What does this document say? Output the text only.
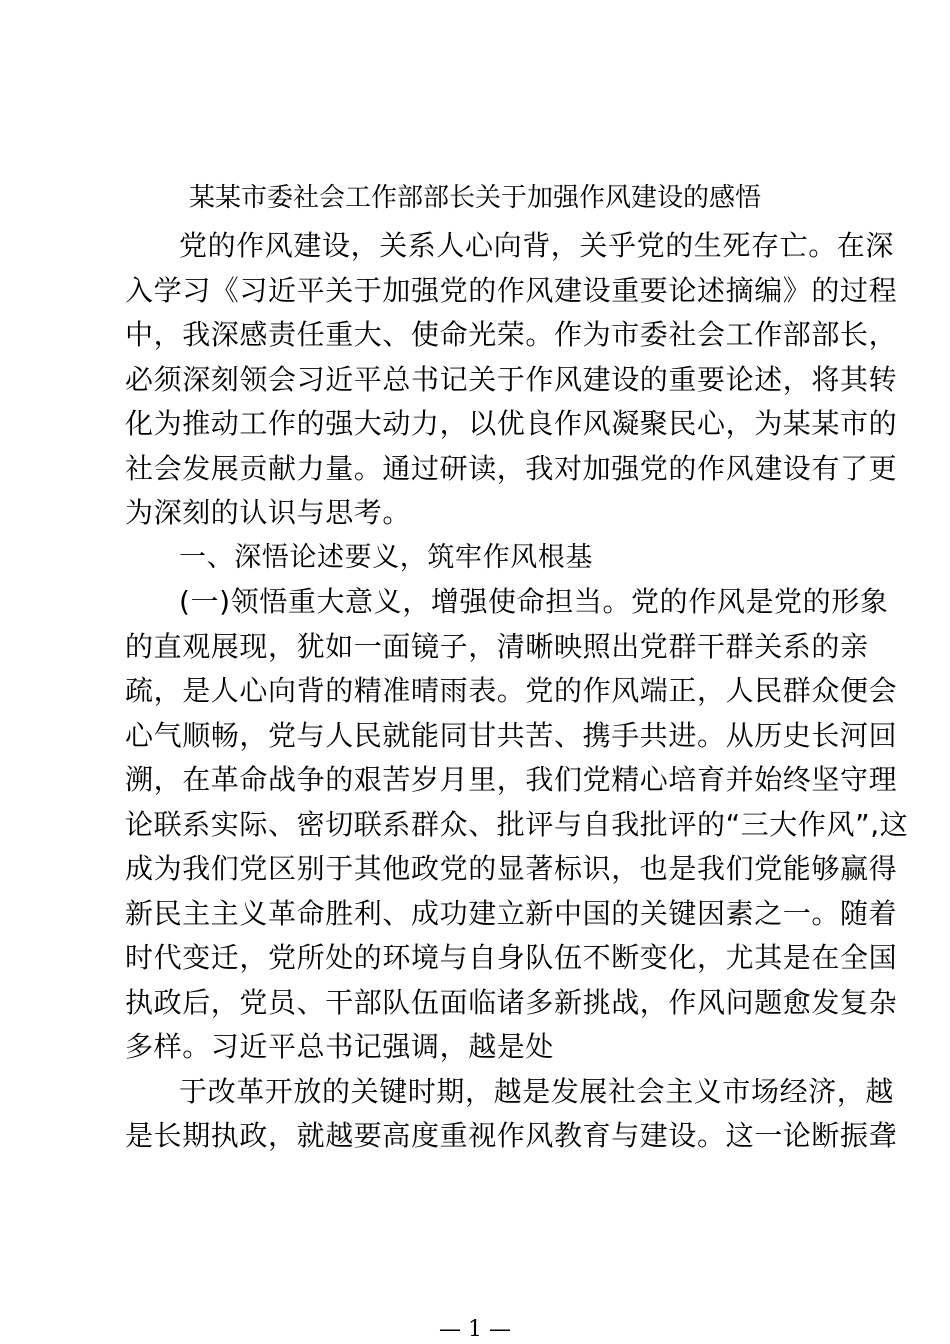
某某市委社会工作部部长关于加强作风建设的感悟
党的作风建设，关系人心向背，关乎党的生死存亡。在深
入学习《习近平关于加强党的作风建设重要论述摘编》的过程
中，我深感责任重大、使命光荣。作为市委社会工作部部长，
必须深刻领会习近平总书记关于作风建设的重要论述，将其转
化为推动工作的强大动力，以优良作风凝聚民心，为某某市的
社会发展贡献力量。通过研读，我对加强党的作风建设有了更
为深刻的认识与思考。
一、深悟论述要义，筑牢作风根基
(一)领悟重大意义，增强使命担当。党的作风是党的形象
的直观展现，犹如一面镜子，清晰映照出党群干群关系的亲
疏，是人心向背的精准晴雨表。党的作风端正，人民群众便会
心气顺畅，党与人民就能同甘共苦、携手共进。从历史长河回
溯，在革命战争的艰苦岁月里，我们党精心培育并始终坚守理
论联系实际、密切联系群众、批评与自我批评的“三大作风”,这
成为我们党区别于其他政党的显著标识，也是我们党能够赢得
新民主主义革命胜利、成功建立新中国的关键因素之一。随着
时代变迁，党所处的环境与自身队伍不断变化，尤其是在全国
执政后，党员、干部队伍面临诸多新挑战，作风问题愈发复杂
多样。习近平总书记强调，越是处
于改革开放的关键时期，越是发展社会主义市场经济，越
是长期执政，就越要高度重视作风教育与建设。这一论断振聋
— 1 —
